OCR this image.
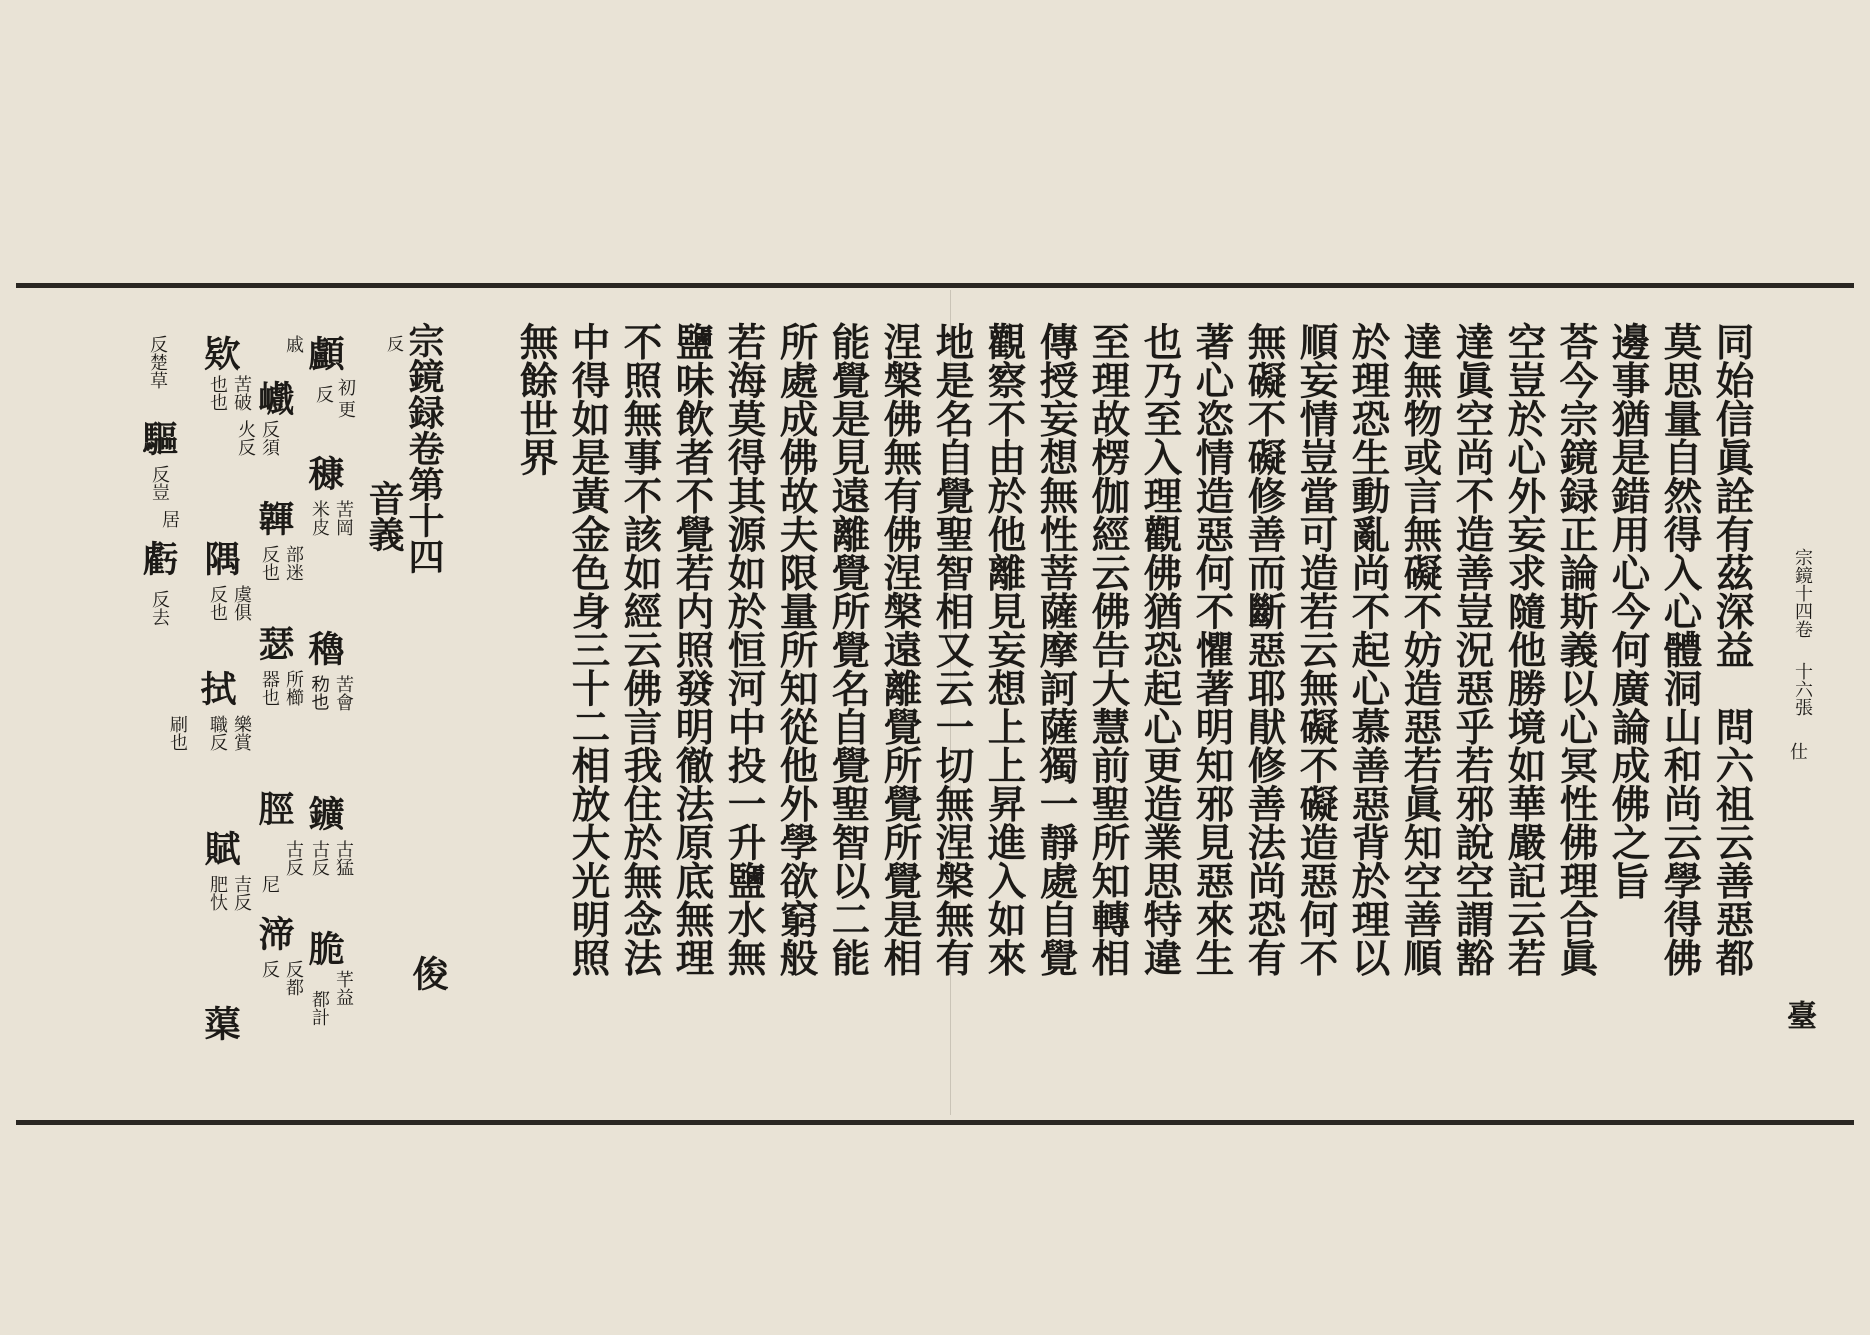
宗鏡十四卷
十六張
仕
臺
同始信眞詮有茲深益　問六祖云善惡都
莫思量自然得入心體洞山和尚云學得佛
邊事猶是錯用心今何廣論成佛之旨
荅今宗鏡録正論斯義以心冥性佛理合眞
空豈於心外妄求隨他勝境如華嚴記云若
達眞空尚不造善豈況惡乎若邪說空謂豁
達無物或言無礙不妨造惡若眞知空善順
於理恐生動亂尚不起心慕善惡背於理以
順妄情豈當可造若云無礙不礙造惡何不
無礙不礙修善而斷惡耶猒修善法尚恐有
著心恣情造惡何不懼著明知邪見惡來生
也乃至入理觀佛猶恐起心更造業思特違
至理故楞伽經云佛告大慧前聖所知轉相
傳授妄想無性菩薩摩訶薩獨一靜處自覺
觀察不由於他離見妄想上上昇進入如來
地是名自覺聖智相又云一切無涅槃無有
涅槃佛無有佛涅槃遠離覺所覺所覺是相
能覺是見遠離覺所覺名自覺聖智以二能
所處成佛故夫限量所知從他外學欲窮般
若海莫得其源如於恒河中投一升鹽水無
鹽味飲者不覺若内照發明徹法原底無理
不照無事不該如經云佛言我住於無念法
中得如是黃金色身三十二相放大光明照
無餘世界
反 宗鏡録卷第十四
音義
俊
顱
初
更
反
穅
苦岡
米皮
穭
苦會
𥝢也
鑛
古猛
古反
脆
芊益
都計
巇
戚
反須
火反
韗
部迷
反也
瑟
所櫛
器也
脛
古反
尼
渧
反都
反
欵
苦破
也也
隅
虞俱
反也
拭
樂賞
職反
賦
吉反
肥忕
蕖
驅
反楚草
反豈
居
虧
反去
刷也
